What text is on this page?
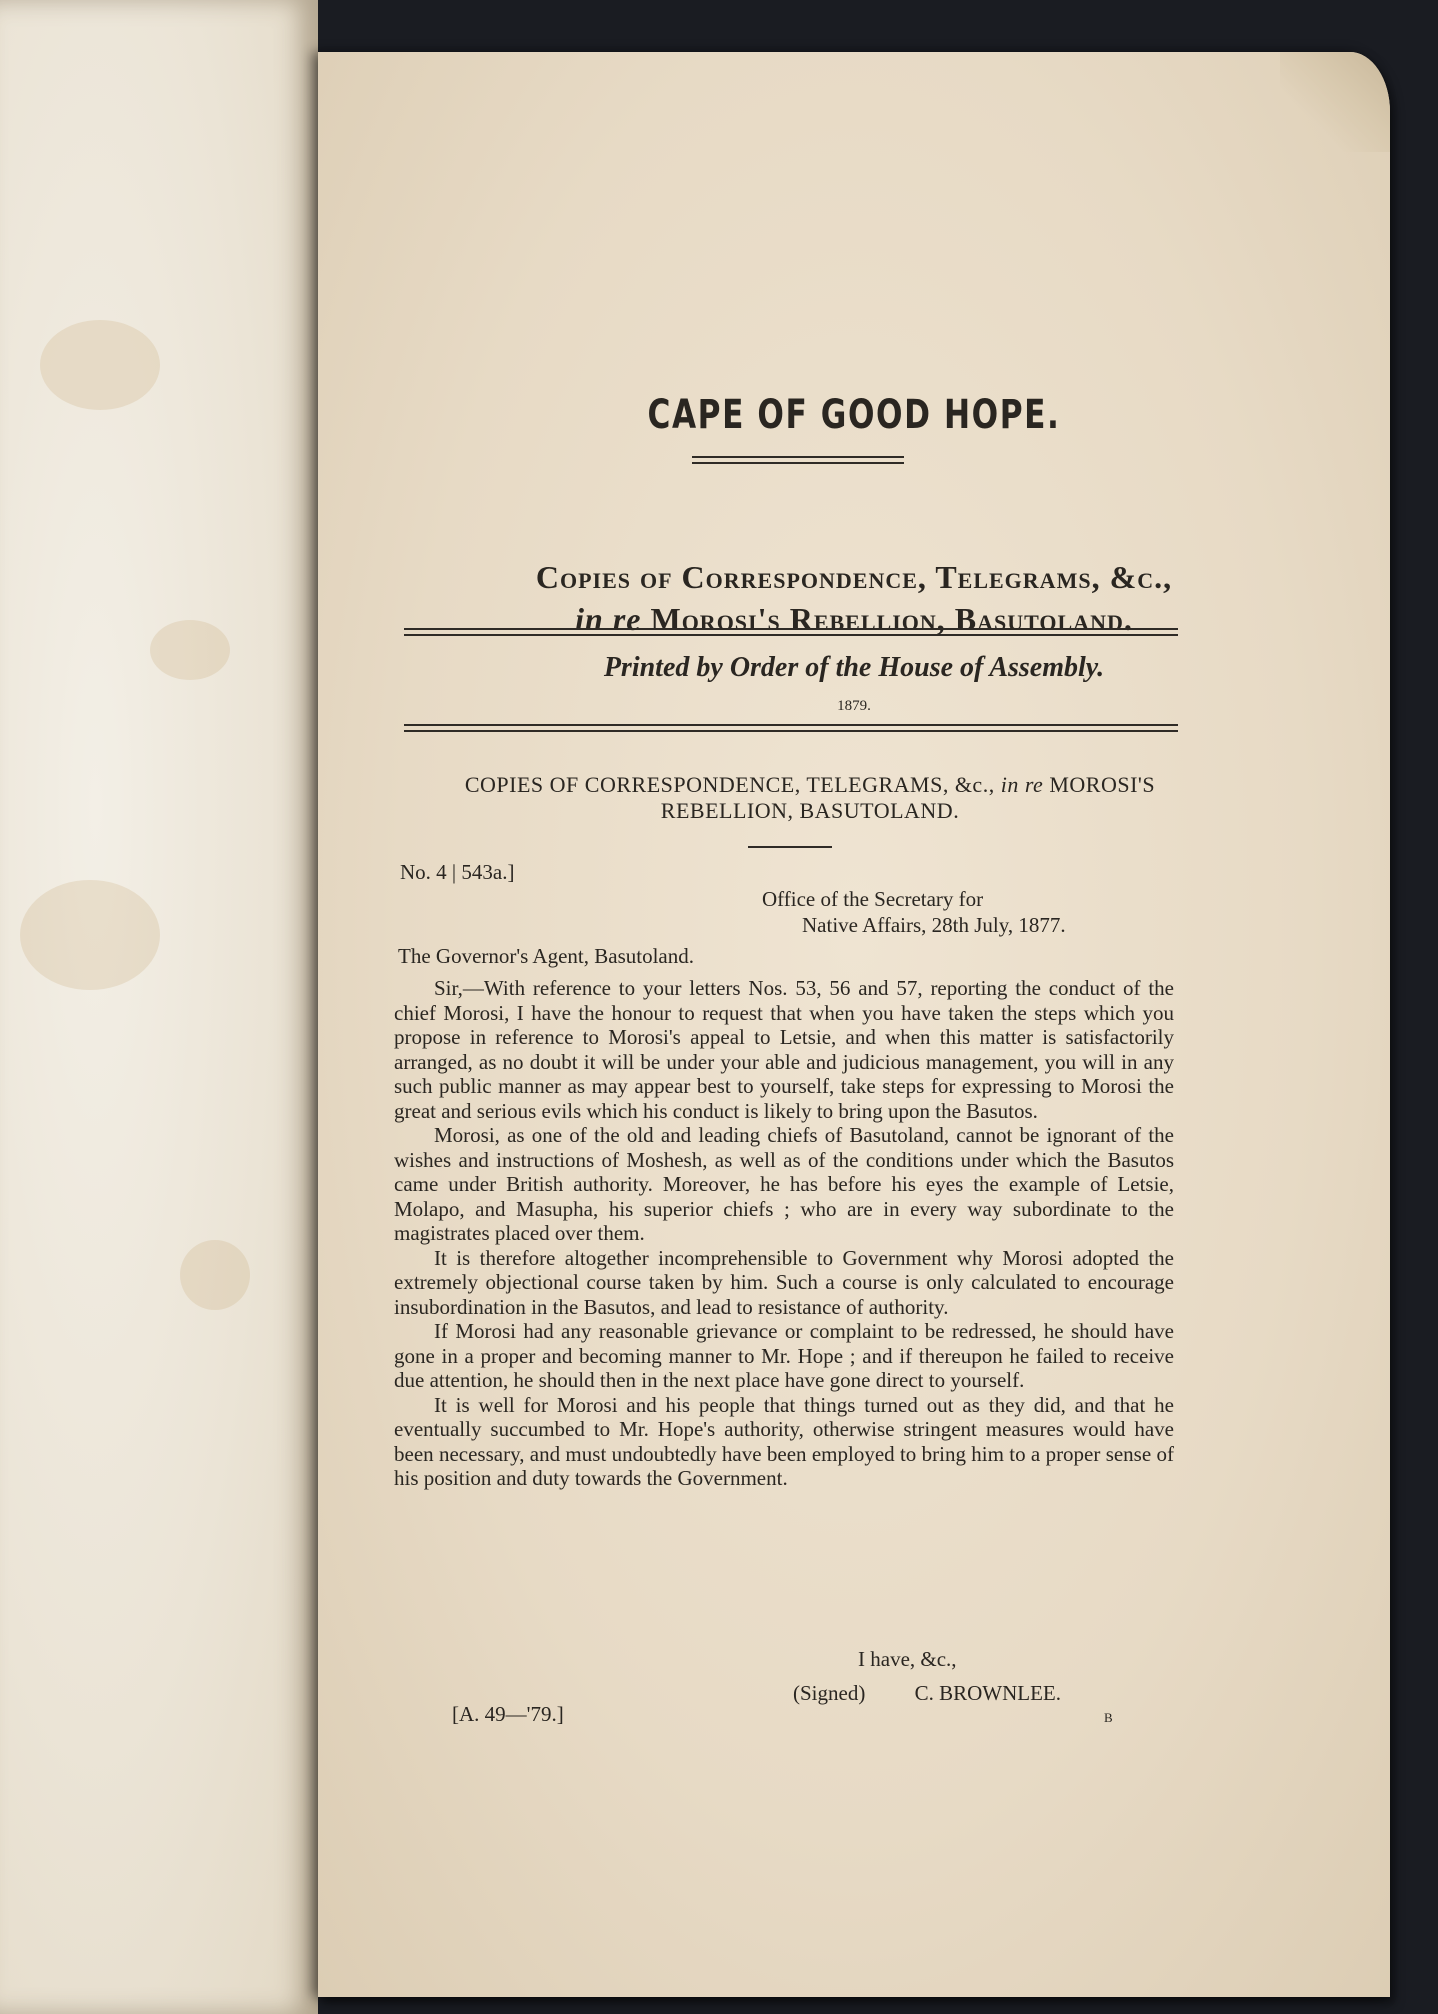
CAPE OF GOOD HOPE.
Copies of Correspondence, Telegrams, &c.,
in re Morosi's Rebellion, Basutoland.
Printed by Order of the House of Assembly.
1879.
COPIES OF CORRESPONDENCE, TELEGRAMS, &c., in re MOROSI'S
REBELLION, BASUTOLAND.
No. 4 | 543a.]
Office of the Secretary for
Native Affairs, 28th July, 1877.
The Governor's Agent, Basutoland.

Sir,—With reference to your letters Nos. 53, 56 and 57, reporting the conduct of the chief Morosi, I have the honour to request that when you have taken the steps which you propose in reference to Morosi's appeal to Letsie, and when this matter is satisfactorily arranged, as no doubt it will be under your able and judicious management, you will in any such public manner as may appear best to yourself, take steps for expressing to Morosi the great and serious evils which his conduct is likely to bring upon the Basutos.

Morosi, as one of the old and leading chiefs of Basutoland, cannot be ignorant of the wishes and instructions of Moshesh, as well as of the conditions under which the Basutos came under British authority. Moreover, he has before his eyes the example of Letsie, Molapo, and Masupha, his superior chiefs ; who are in every way subordinate to the magistrates placed over them.

It is therefore altogether incomprehensible to Government why Morosi adopted the extremely objectional course taken by him. Such a course is only calculated to encourage insubordination in the Basutos, and lead to resistance of authority.

If Morosi had any reasonable grievance or complaint to be redressed, he should have gone in a proper and becoming manner to Mr. Hope ; and if thereupon he failed to receive due attention, he should then in the next place have gone direct to yourself.

It is well for Morosi and his people that things turned out as they did, and that he eventually succumbed to Mr. Hope's authority, otherwise stringent measures would have been necessary, and must undoubtedly have been employed to bring him to a proper sense of his position and duty towards the Government.

I have, &c.,
(Signed) C. BROWNLEE.
[A. 49—'79.]	B
